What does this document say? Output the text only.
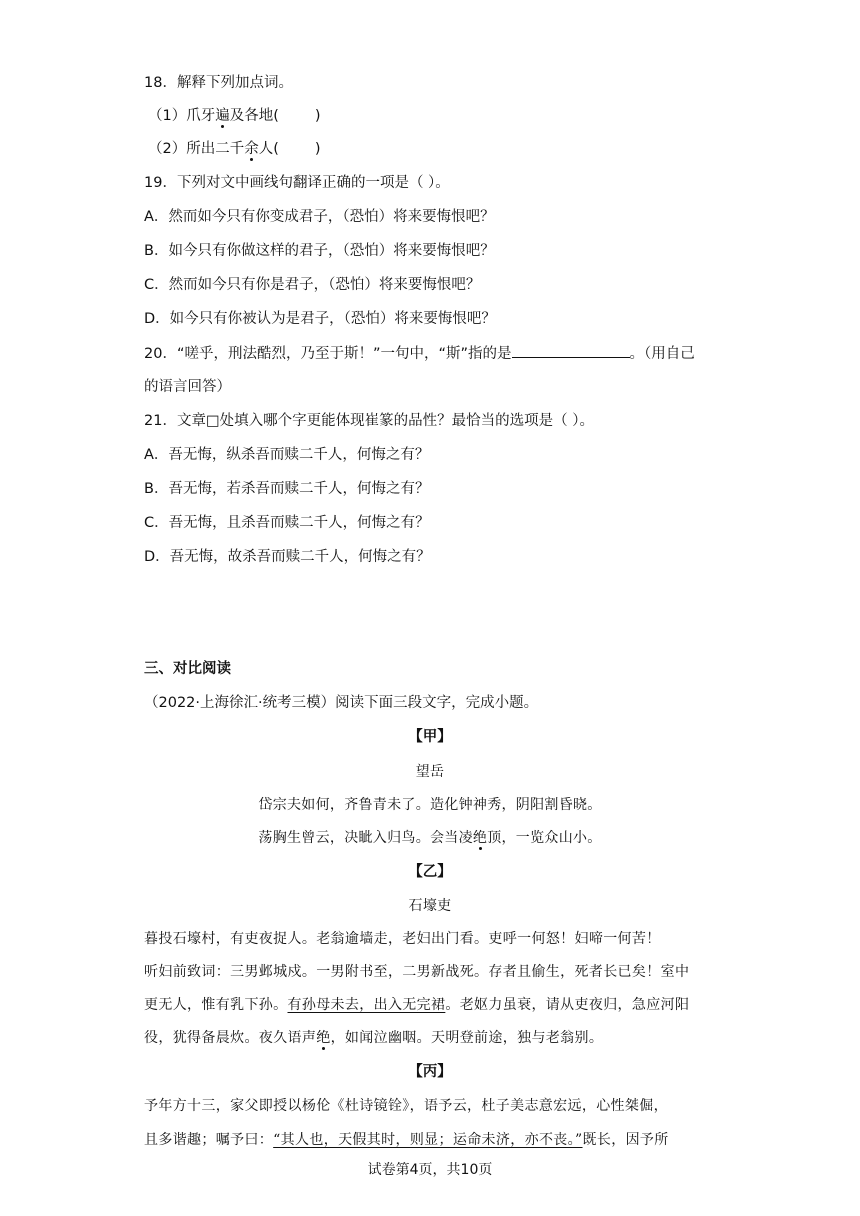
18．解释下列加点词。
（1）爪牙遍及各地( )
（2）所出二千余人( )
19．下列对文中画线句翻译正确的一项是（ ）。
A．然而如今只有你变成君子，（恐怕）将来要悔恨吧？
B．如今只有你做这样的君子，（恐怕）将来要悔恨吧？
C．然而如今只有你是君子，（恐怕）将来要悔恨吧？
D．如今只有你被认为是君子，（恐怕）将来要悔恨吧？
20．“嗟乎，刑法酷烈，乃至于斯！”一句中，“斯”指的是	。（用自己
的语言回答）
21．文章□处填入哪个字更能体现崔篆的品性？最恰当的选项是（ ）。
A．吾无悔，纵杀吾而赎二千人，何悔之有？
B．吾无悔，若杀吾而赎二千人，何悔之有？
C．吾无悔，且杀吾而赎二千人，何悔之有？
D．吾无悔，故杀吾而赎二千人，何悔之有？
三、对比阅读
（2022·上海徐汇·统考三模）阅读下面三段文字，完成小题。
【甲】
望岳
岱宗夫如何，齐鲁青未了。造化钟神秀，阴阳割昏晓。
荡胸生曾云，决眦入归鸟。会当凌绝顶，一览众山小。
【乙】
石壕吏
暮投石壕村，有吏夜捉人。老翁逾墙走，老妇出门看。吏呼一何怒！妇啼一何苦！
听妇前致词：三男邺城戍。一男附书至，二男新战死。存者且偷生，死者长已矣！室中
更无人，惟有乳下孙。有孙母未去，出入无完裙。老妪力虽衰，请从吏夜归，急应河阳
役，犹得备晨炊。夜久语声绝，如闻泣幽咽。天明登前途，独与老翁别。
【丙】
予年方十三，家父即授以杨伦《杜诗镜铨》，语予云，杜子美志意宏远，心性桀倔，
且多谐趣；嘱予曰：“其人也，天假其时，则显；运命未济，亦不丧。”既长，因予所
试卷第4页，共10页
